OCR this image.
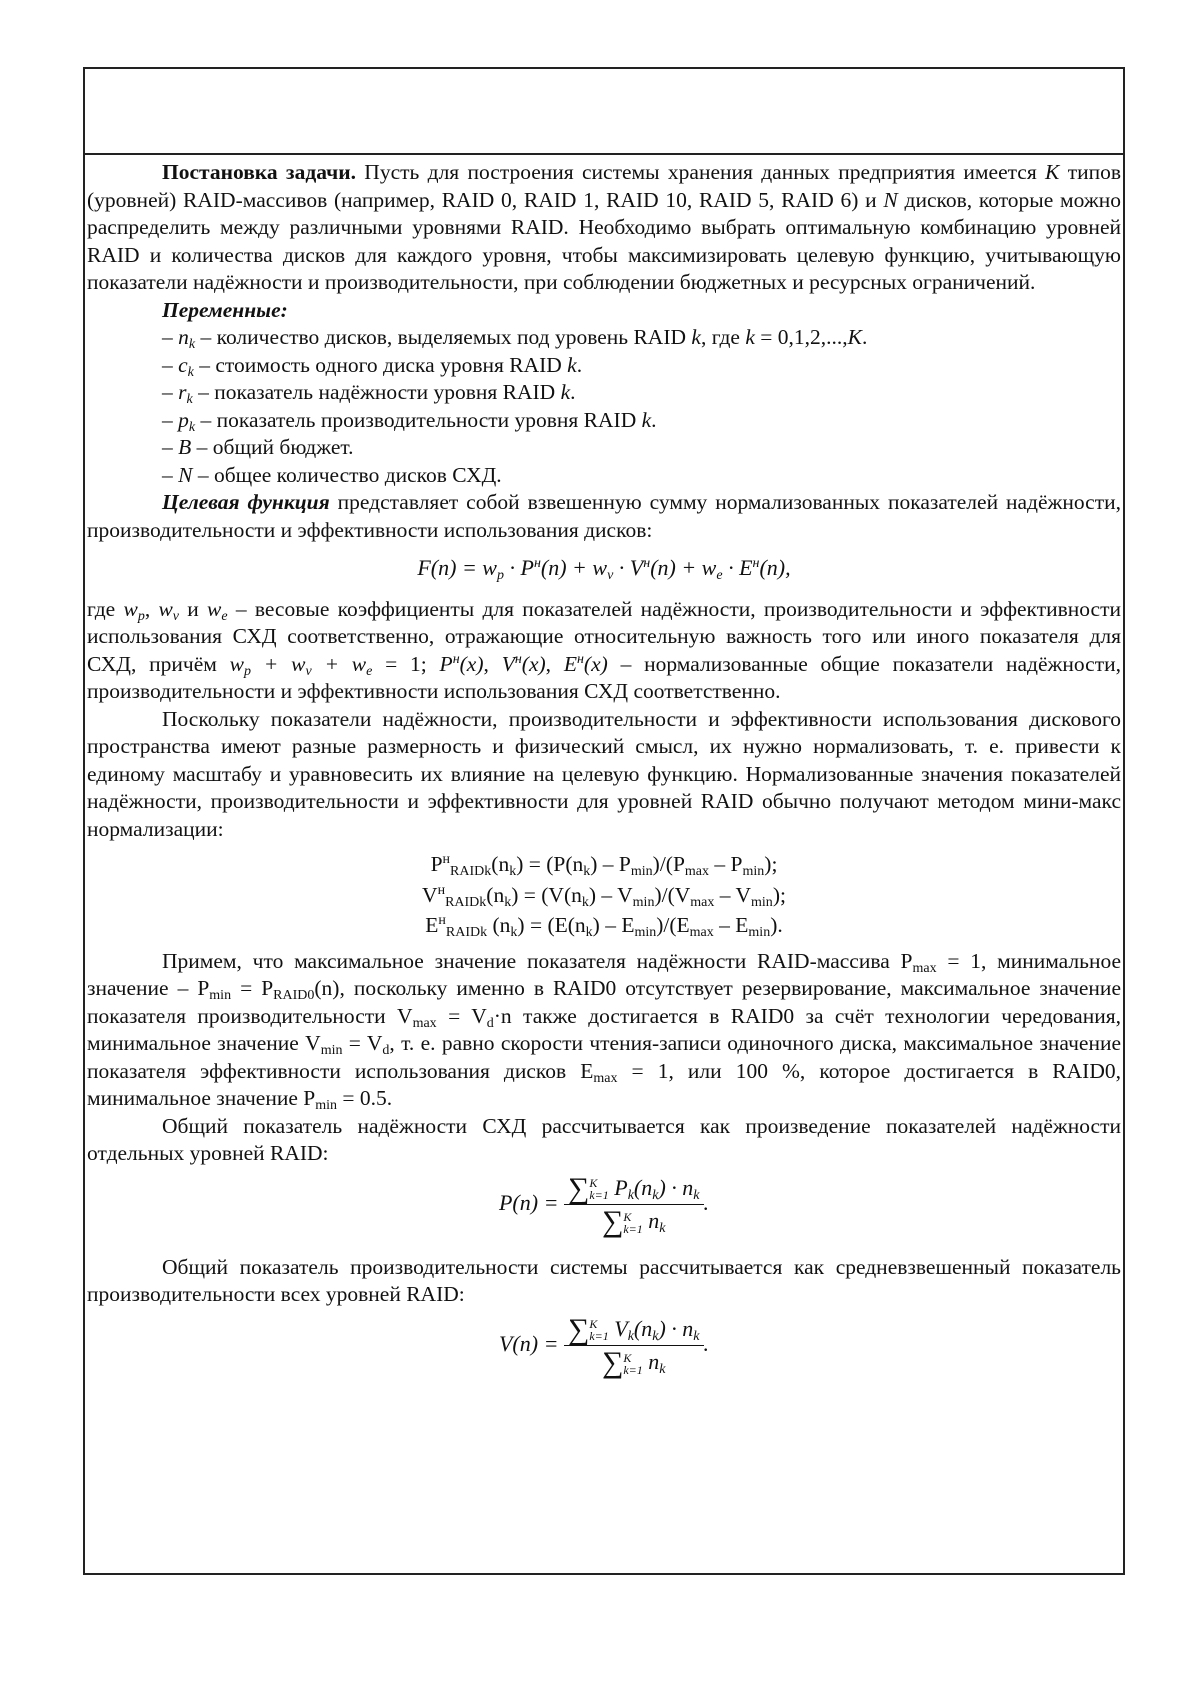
Постановка задачи. Пусть для построения системы хранения данных предприятия имеется K типов (уровней) RAID-массивов (например, RAID 0, RAID 1, RAID 10, RAID 5, RAID 6) и N дисков, которые можно распределить между различными уровнями RAID. Необходимо выбрать оптимальную комбинацию уровней RAID и количества дисков для каждого уровня, чтобы максимизировать целевую функцию, учитывающую показатели надёжности и производительности, при соблюдении бюджетных и ресурсных ограничений.

Переменные:

– $n_k$ – количество дисков, выделяемых под уровень RAID k, где k = 0,1,2,...,K.

– $c_k$ – стоимость одного диска уровня RAID k.

– $r_k$ – показатель надёжности уровня RAID k.

– $p_k$ – показатель производительности уровня RAID k.

– B – общий бюджет.

– N – общее количество дисков СХД.

Целевая функция представляет собой взвешенную сумму нормализованных показателей надёжности, производительности и эффективности использования дисков:

$F(n) = w_p \cdot P^н(n) + w_v \cdot V^н(n) + w_e \cdot E^н(n)$,

где $w_p$, $w_v$ и $w_e$ – весовые коэффициенты для показателей надёжности, производительности и эффективности использования СХД соответственно, отражающие относительную важность того или иного показателя для СХД, причём $w_p + w_v + w_e = 1$; $P^н(x)$, $V^н(x)$, $E^н(x)$ – нормализованные общие показатели надёжности, производительности и эффективности использования СХД соответственно.

Поскольку показатели надёжности, производительности и эффективности использования дискового пространства имеют разные размерность и физический смысл, их нужно нормализовать, т. е. привести к единому масштабу и уравновесить их влияние на целевую функцию. Нормализованные значения показателей надёжности, производительности и эффективности для уровней RAID обычно получают методом мини-макс нормализации:

$P^н_{RAIDk}(n_k) = (P(n_k) - P_{min})/(P_{max} - P_{min})$;

$V^н_{RAIDk}(n_k) = (V(n_k) - V_{min})/(V_{max} - V_{min})$;

$E^н_{RAIDk}$ $(n_k) = (E(n_k) - E_{min})/(E_{max} - E_{min})$.

Примем, что максимальное значение показателя надёжности RAID-массива $P_{max} = 1$, минимальное значение – $P_{min} = P_{RAID0}(n)$, поскольку именно в RAID0 отсутствует резервирование, максимальное значение показателя производительности $V_{max} = V_d\cdot n$ также достигается в RAID0 за счёт технологии чередования, минимальное значение $V_{min} = V_d$, т. е. равно скорости чтения-записи одиночного диска, максимальное значение показателя эффективности использования дисков $E_{max} = 1$, или 100 %, которое достигается в RAID0, минимальное значение $P_{min} = 0.5$.

Общий показатель надёжности СХД рассчитывается как произведение показателей надёжности отдельных уровней RAID:

P(n) = ∑K
k=1 $P_k(n_k) \cdot n_k$
∑K
k=1 $n_k$
.

Общий показатель производительности системы рассчитывается как средневзвешенный показатель производительности всех уровней RAID:

V(n) = ∑K
k=1 $V_k(n_k) \cdot n_k$
∑K
k=1 $n_k$
.
